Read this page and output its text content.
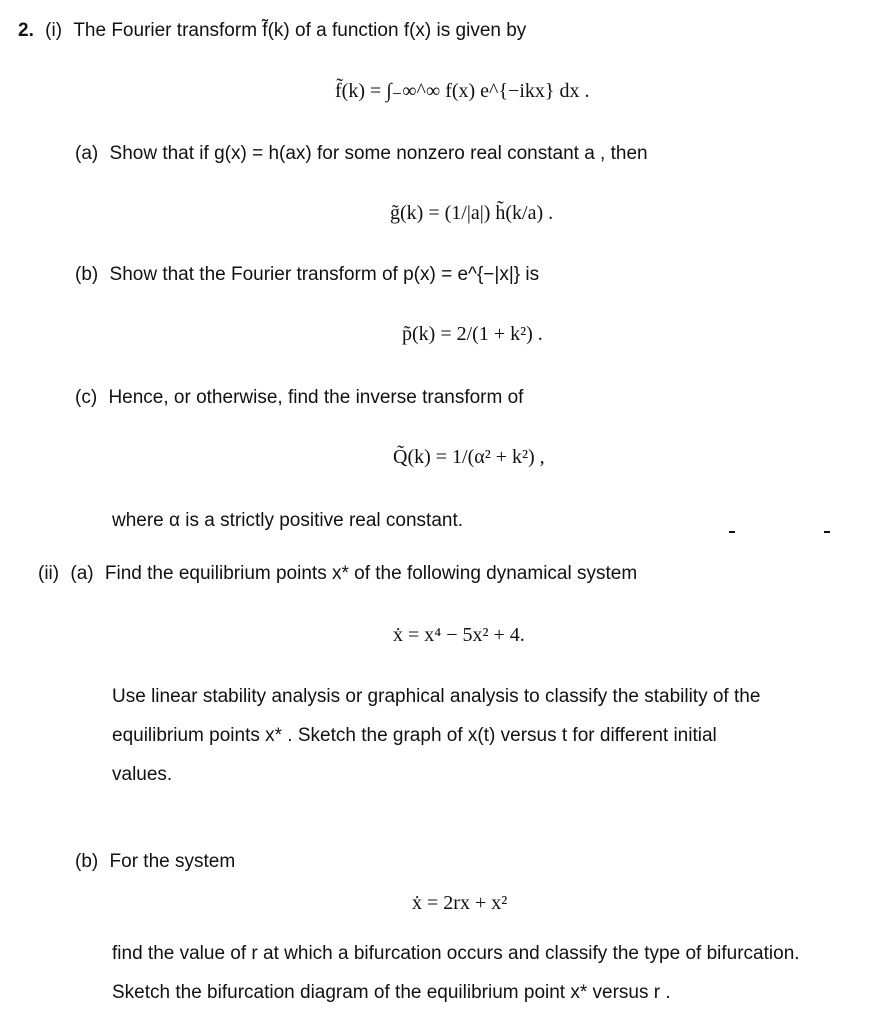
2. (i) The Fourier transform f̃(k) of a function f(x) is given by
f̃(k) = ∫₋∞^∞ f(x) e^{−ikx} dx .
(a) Show that if g(x) = h(ax) for some nonzero real constant a , then
g̃(k) = (1/|a|) h̃(k/a) .
(b) Show that the Fourier transform of p(x) = e^{−|x|} is
p̃(k) = 2/(1 + k²) .
(c) Hence, or otherwise, find the inverse transform of
Q̃(k) = 1/(α² + k²) ,
where α is a strictly positive real constant.
(ii) (a) Find the equilibrium points x* of the following dynamical system
ẋ = x⁴ − 5x² + 4.
Use linear stability analysis or graphical analysis to classify the stability of the
equilibrium points x* . Sketch the graph of x(t) versus t for different initial
values.
(b) For the system
ẋ = 2rx + x²
find the value of r at which a bifurcation occurs and classify the type of bifurcation.
Sketch the bifurcation diagram of the equilibrium point x* versus r .
